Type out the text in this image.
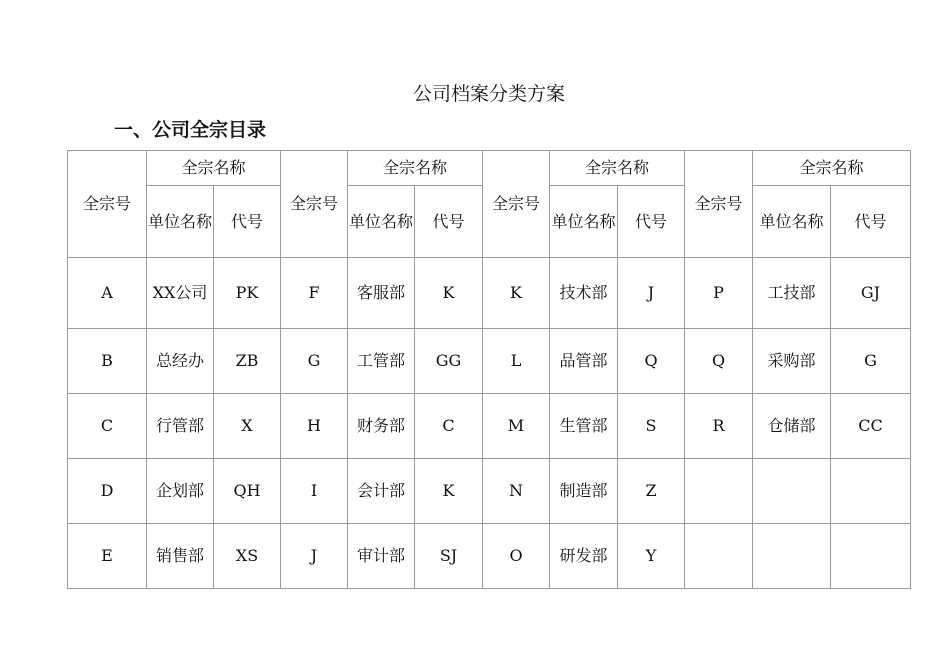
公司档案分类方案
一、公司全宗目录
全宗号	全宗名称		全宗号	全宗名称		全宗号	全宗名称		全宗号	全宗名称	
	单位名称	代号		单位名称	代号		单位名称	代号		单位名称	代号
A	XX公司	PK	F	客服部	K	K	技术部	J	P	工技部	GJ
B	总经办	ZB	G	工管部	GG	L	品管部	Q	Q	采购部	G
C	行管部	X	H	财务部	C	M	生管部	S	R	仓储部	CC
D	企划部	QH	I	会计部	K	N	制造部	Z			
E	销售部	XS	J	审计部	SJ	O	研发部	Y			
